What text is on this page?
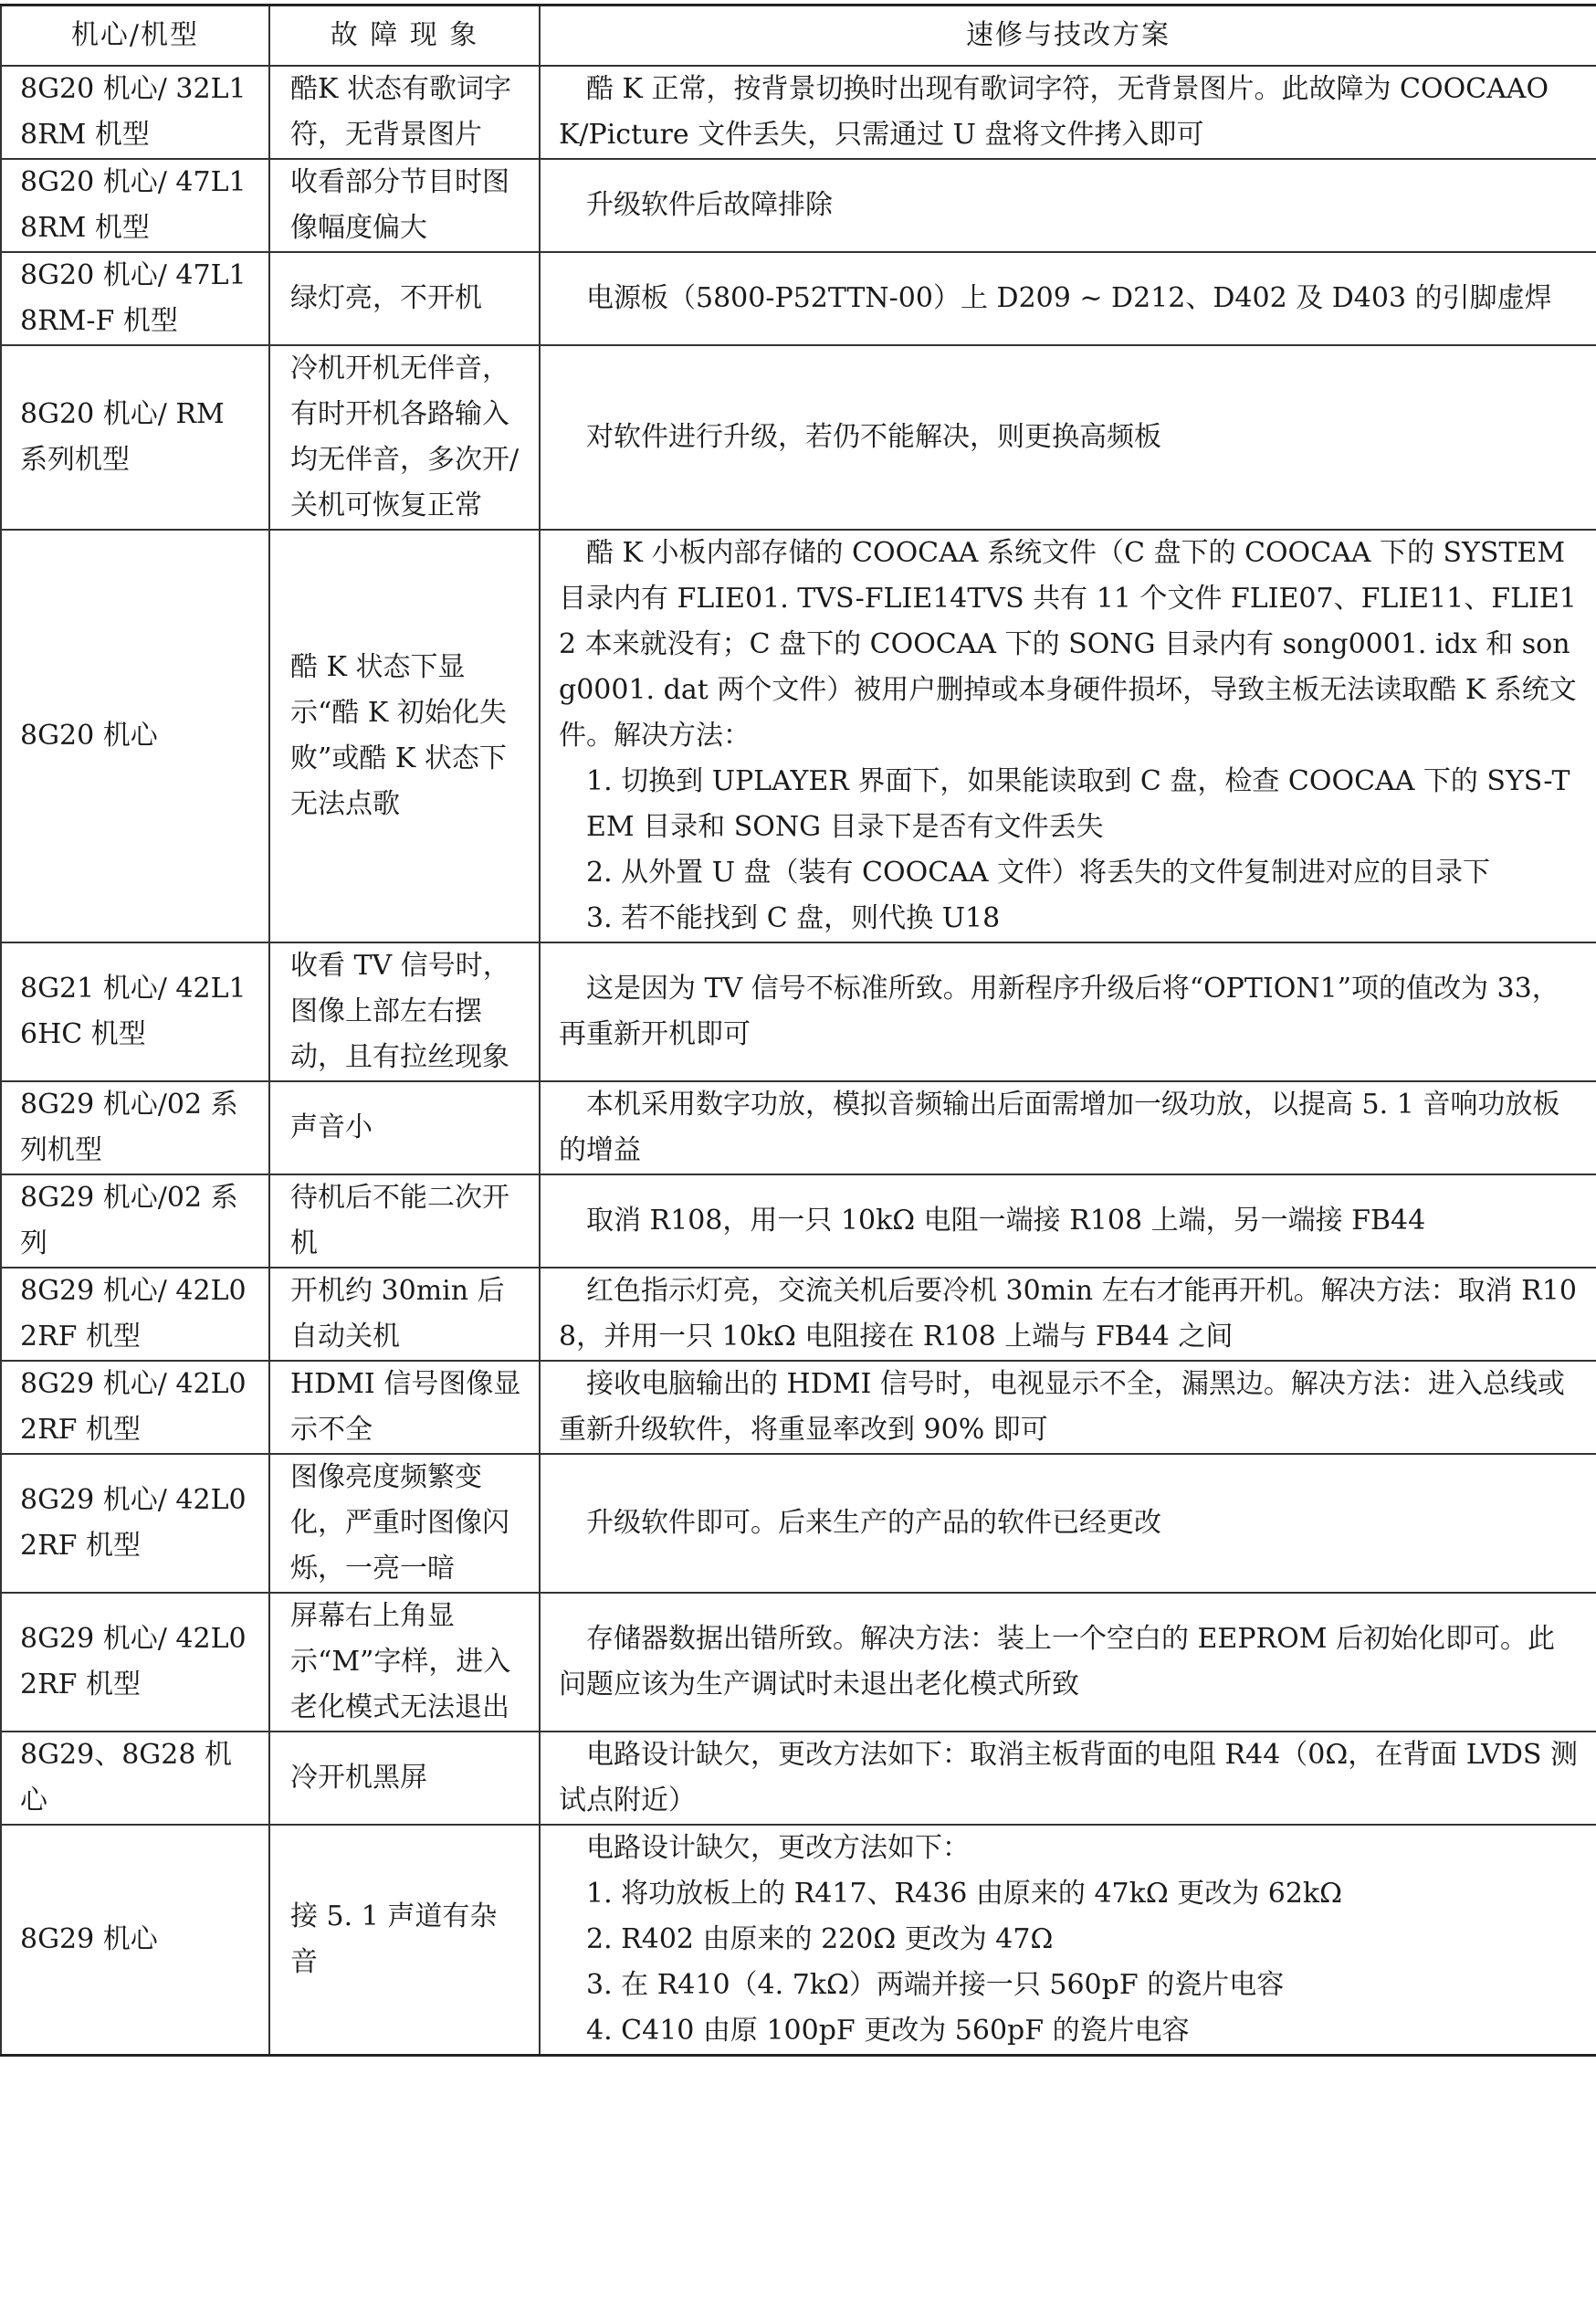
机心/机型	故 障 现 象	速修与技改方案
8G20 机心/ 32L18RM 机型	酷K 状态有歌词字符，无背景图片	酷 K 正常，按背景切换时出现有歌词字符，无背景图片。此故障为 COOCAAOK/Picture 文件丢失，只需通过 U 盘将文件拷入即可

8G20 机心/ 47L18RM 机型	收看部分节目时图像幅度偏大	升级软件后故障排除

8G20 机心/ 47L18RM-F 机型	绿灯亮，不开机	电源板（5800-P52TTN-00）上 D209 ~ D212、D402 及 D403 的引脚虚焊

8G20 机心/ RM 系列机型	冷机开机无伴音，有时开机各路输入均无伴音，多次开/关机可恢复正常	对软件进行升级，若仍不能解决，则更换高频板

8G20 机心	酷 K 状态下显示“酷 K 初始化失败”或酷 K 状态下无法点歌	酷 K 小板内部存储的 COOCAA 系统文件（C 盘下的 COOCAA 下的 SYSTEM 目录内有 FLIE01. TVS-FLIE14TVS 共有 11 个文件 FLIE07、FLIE11、FLIE12 本来就没有；C 盘下的 COOCAA 下的 SONG 目录内有 song0001. idx 和 song0001. dat 两个文件）被用户删掉或本身硬件损坏，导致主板无法读取酷 K 系统文件。解决方法：
1. 切换到 UPLAYER 界面下，如果能读取到 C 盘，检查 COOCAA 下的 SYS-TEM 目录和 SONG 目录下是否有文件丢失
2. 从外置 U 盘（装有 COOCAA 文件）将丢失的文件复制进对应的目录下
3. 若不能找到 C 盘，则代换 U18

8G21 机心/ 42L16HC 机型	收看 TV 信号时，图像上部左右摆动，且有拉丝现象	这是因为 TV 信号不标准所致。用新程序升级后将“OPTION1”项的值改为 33，再重新开机即可

8G29 机心/02 系列机型	声音小	本机采用数字功放，模拟音频输出后面需增加一级功放，以提高 5. 1 音响功放板的增益

8G29 机心/02 系列	待机后不能二次开机	取消 R108，用一只 10kΩ 电阻一端接 R108 上端，另一端接 FB44

8G29 机心/ 42L02RF 机型	开机约 30min 后自动关机	红色指示灯亮，交流关机后要冷机 30min 左右才能再开机。解决方法：取消 R108，并用一只 10kΩ 电阻接在 R108 上端与 FB44 之间

8G29 机心/ 42L02RF 机型	HDMI 信号图像显示不全	接收电脑输出的 HDMI 信号时，电视显示不全，漏黑边。解决方法：进入总线或重新升级软件，将重显率改到 90% 即可

8G29 机心/ 42L02RF 机型	图像亮度频繁变化，严重时图像闪烁，一亮一暗	升级软件即可。后来生产的产品的软件已经更改

8G29 机心/ 42L02RF 机型	屏幕右上角显示“M”字样，进入老化模式无法退出	存储器数据出错所致。解决方法：装上一个空白的 EEPROM 后初始化即可。此问题应该为生产调试时未退出老化模式所致

8G29、8G28 机心	冷开机黑屏	电路设计缺欠，更改方法如下：取消主板背面的电阻 R44（0Ω，在背面 LVDS 测试点附近）

8G29 机心	接 5. 1 声道有杂音	电路设计缺欠，更改方法如下：
1. 将功放板上的 R417、R436 由原来的 47kΩ 更改为 62kΩ
2. R402 由原来的 220Ω 更改为 47Ω
3. 在 R410（4. 7kΩ）两端并接一只 560pF 的瓷片电容
4. C410 由原 100pF 更改为 560pF 的瓷片电容
